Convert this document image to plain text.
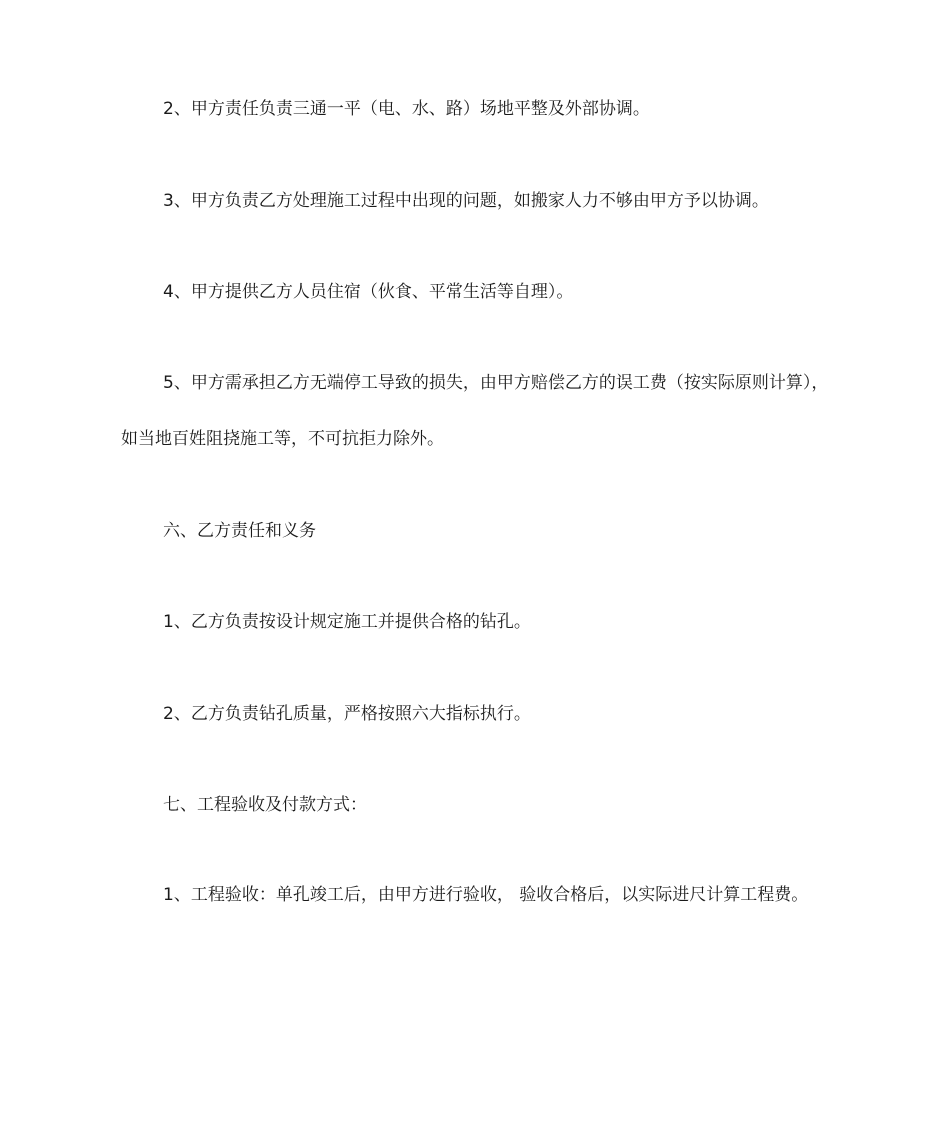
2、甲方责任负责三通一平（电、水、路）场地平整及外部协调。

3、甲方负责乙方处理施工过程中出现的问题，如搬家人力不够由甲方予以协调。

4、甲方提供乙方人员住宿（伙食、平常生活等自理）。

5、甲方需承担乙方无端停工导致的损失，由甲方赔偿乙方的误工费（按实际原则计算），如当地百姓阻挠施工等，不可抗拒力除外。

六、乙方责任和义务

1、乙方负责按设计规定施工并提供合格的钻孔。

2、乙方负责钻孔质量，严格按照六大指标执行。

七、工程验收及付款方式：

1、工程验收：单孔竣工后，由甲方进行验收， 验收合格后，以实际进尺计算工程费。
